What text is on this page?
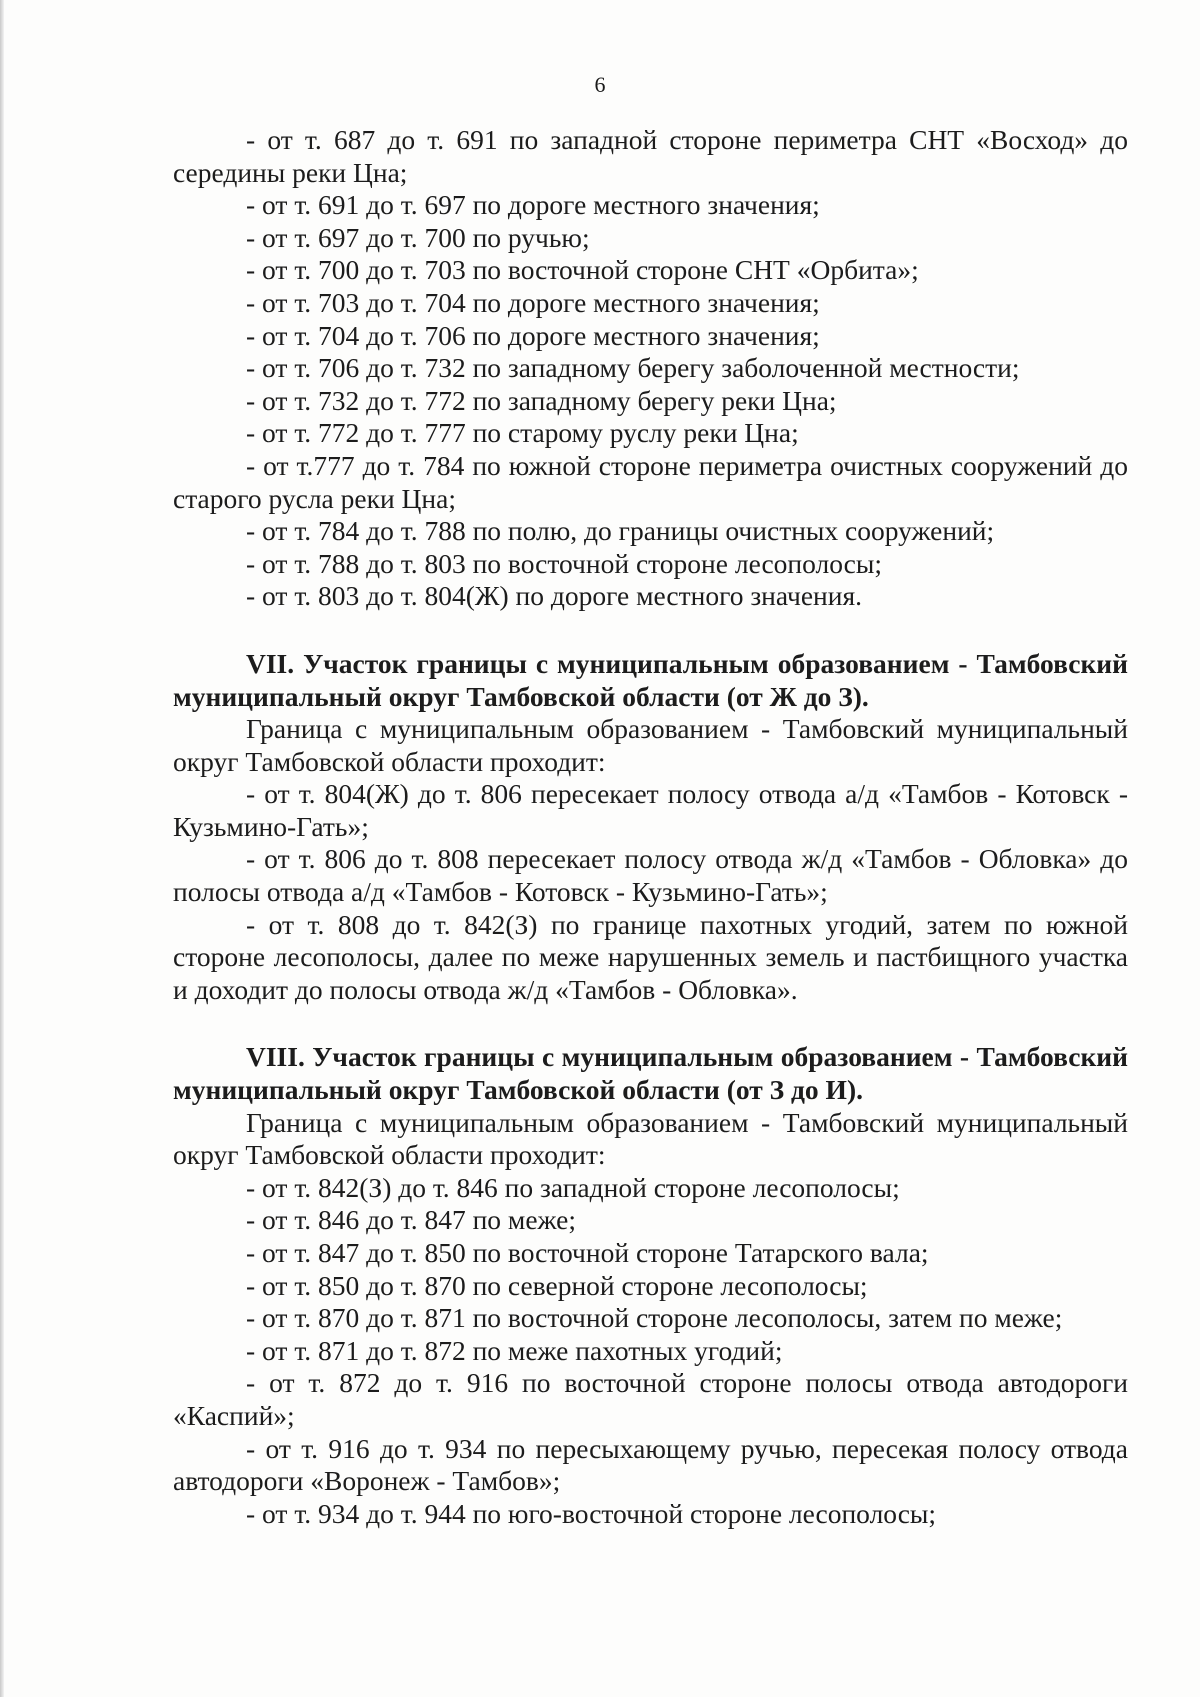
6

- от т. 687 до т. 691 по западной стороне периметра СНТ «Восход» до середины реки Цна;

- от т. 691 до т. 697 по дороге местного значения;

- от т. 697 до т. 700 по ручью;

- от т. 700 до т. 703 по восточной стороне СНТ «Орбита»;

- от т. 703 до т. 704 по дороге местного значения;

- от т. 704 до т. 706 по дороге местного значения;

- от т. 706 до т. 732 по западному берегу заболоченной местности;

- от т. 732 до т. 772 по западному берегу реки Цна;

- от т. 772 до т. 777 по старому руслу реки Цна;

- от т.777 до т. 784 по южной стороне периметра очистных сооружений до старого русла реки Цна;

- от т. 784 до т. 788 по полю, до границы очистных сооружений;

- от т. 788 до т. 803 по восточной стороне лесополосы;

- от т. 803 до т. 804(Ж) по дороге местного значения.

VII. Участок границы с муниципальным образованием - Тамбовский муниципальный округ Тамбовской области (от Ж до З).

Граница с муниципальным образованием - Тамбовский муниципальный округ Тамбовской области проходит:

- от т. 804(Ж) до т. 806 пересекает полосу отвода а/д «Тамбов - Котовск - Кузьмино-Гать»;

- от т. 806 до т. 808 пересекает полосу отвода ж/д «Тамбов - Обловка» до полосы отвода а/д «Тамбов - Котовск - Кузьмино-Гать»;

- от т. 808 до т. 842(З) по границе пахотных угодий, затем по южной стороне лесополосы, далее по меже нарушенных земель и пастбищного участка и доходит до полосы отвода ж/д «Тамбов - Обловка».

VIII. Участок границы с муниципальным образованием - Тамбовский муниципальный округ Тамбовской области (от З до И).

Граница с муниципальным образованием - Тамбовский муниципальный округ Тамбовской области проходит:

- от т. 842(З) до т. 846 по западной стороне лесополосы;

- от т. 846 до т. 847 по меже;

- от т. 847 до т. 850 по восточной стороне Татарского вала;

- от т. 850 до т. 870 по северной стороне лесополосы;

- от т. 870 до т. 871 по восточной стороне лесополосы, затем по меже;

- от т. 871 до т. 872 по меже пахотных угодий;

- от т. 872 до т. 916 по восточной стороне полосы отвода автодороги «Каспий»;

- от т. 916 до т. 934 по пересыхающему ручью, пересекая полосу отвода автодороги «Воронеж - Тамбов»;

- от т. 934 до т. 944 по юго-восточной стороне лесополосы;
